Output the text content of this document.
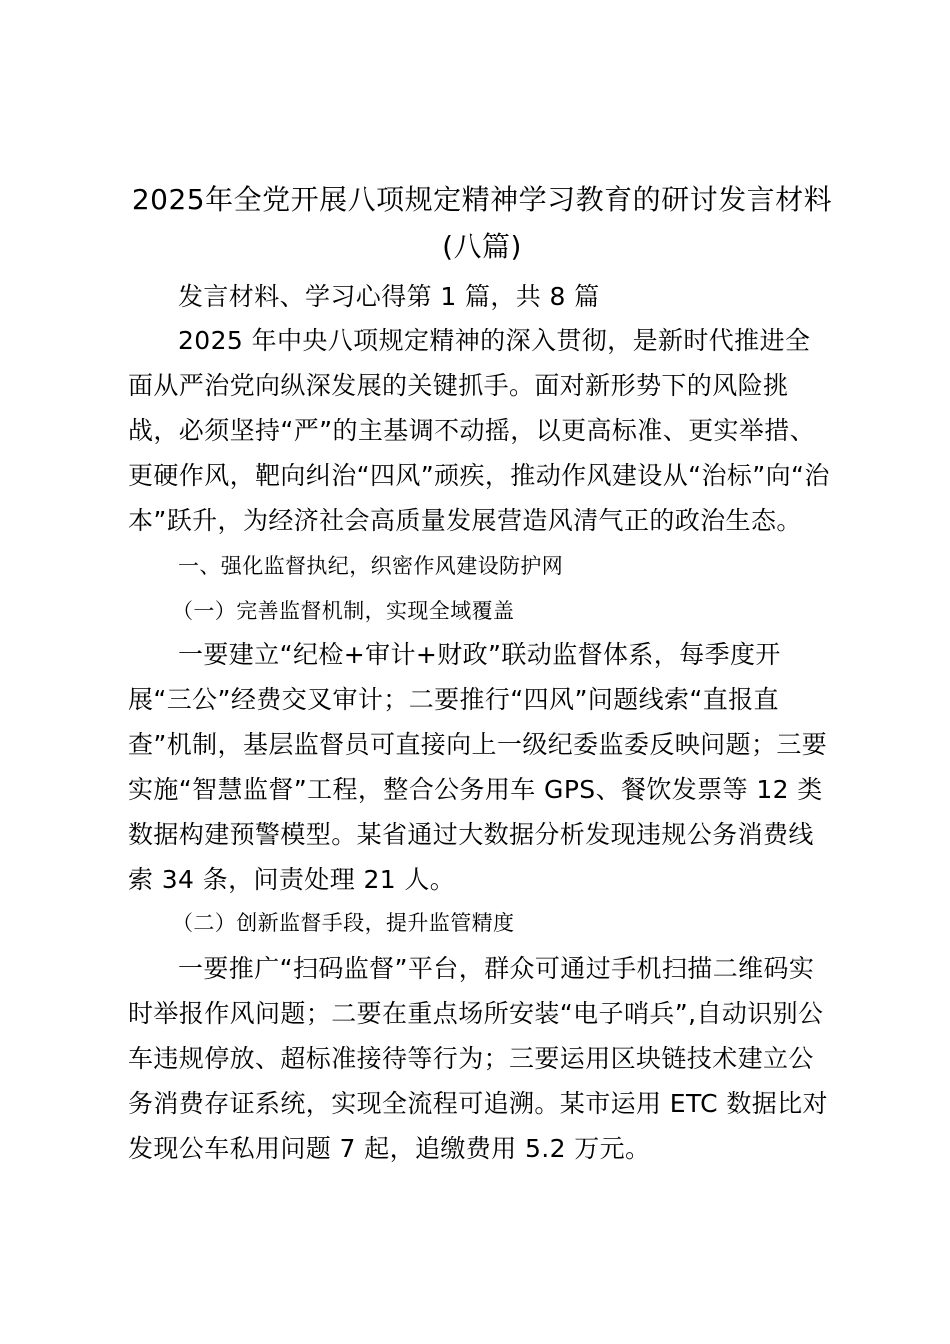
2025年全党开展八项规定精神学习教育的研讨发言材料(八篇)

发言材料、学习心得第 1 篇，共 8 篇

2025 年中央八项规定精神的深入贯彻，是新时代推进全

面从严治党向纵深发展的关键抓手。面对新形势下的风险挑

战，必须坚持“严”的主基调不动摇，以更高标准、更实举措、

更硬作风，靶向纠治“四风”顽疾，推动作风建设从“治标”向“治

本”跃升，为经济社会高质量发展营造风清气正的政治生态。

一、强化监督执纪，织密作风建设防护网

（一）完善监督机制，实现全域覆盖

一要建立“纪检+审计+财政”联动监督体系，每季度开

展“三公”经费交叉审计；二要推行“四风”问题线索“直报直

查”机制，基层监督员可直接向上一级纪委监委反映问题；三要

实施“智慧监督”工程，整合公务用车 GPS、餐饮发票等 12 类

数据构建预警模型。某省通过大数据分析发现违规公务消费线

索 34 条，问责处理 21 人。

（二）创新监督手段，提升监管精度

一要推广“扫码监督”平台，群众可通过手机扫描二维码实

时举报作风问题；二要在重点场所安装“电子哨兵”,自动识别公

车违规停放、超标准接待等行为；三要运用区块链技术建立公

务消费存证系统，实现全流程可追溯。某市运用 ETC 数据比对

发现公车私用问题 7 起，追缴费用 5.2 万元。
